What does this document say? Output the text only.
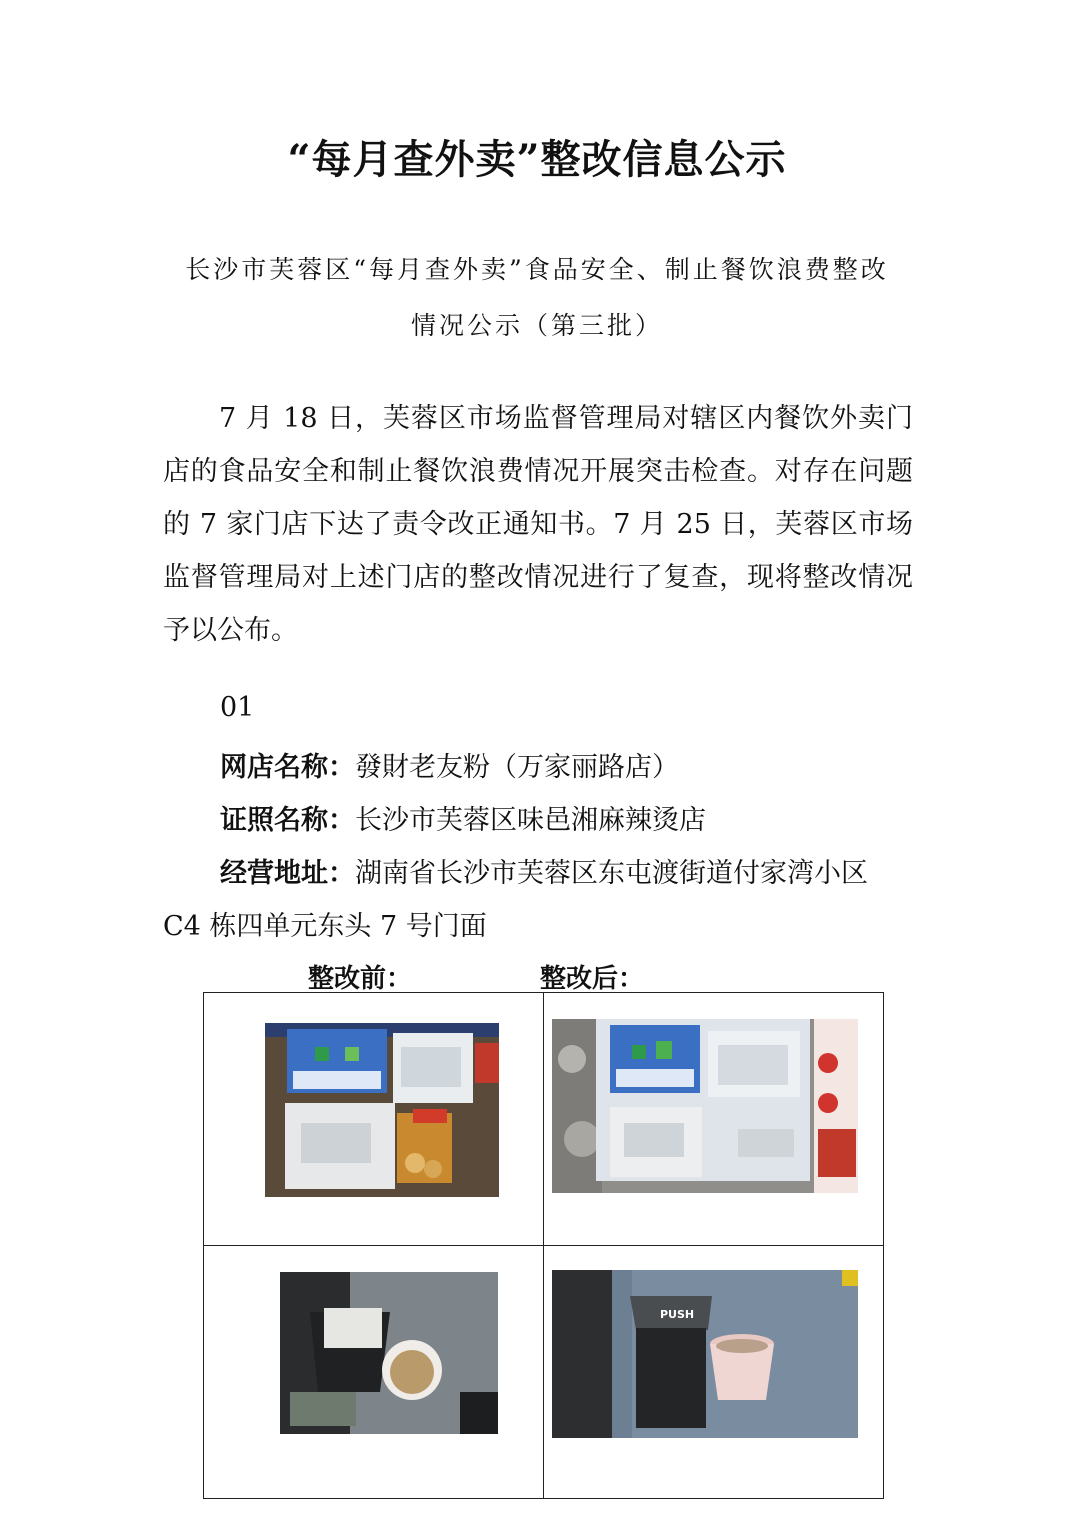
“每月查外卖”整改信息公示

长沙市芙蓉区“每月查外卖”食品安全、制止餐饮浪费整改

情况公示（第三批）

7 月 18 日，芙蓉区市场监督管理局对辖区内餐饮外卖门店的食品安全和制止餐饮浪费情况开展突击检查。对存在问题的 7 家门店下达了责令改正通知书。7 月 25 日，芙蓉区市场监督管理局对上述门店的整改情况进行了复查，现将整改情况予以公布。

01

网店名称：發財老友粉（万家丽路店）

证照名称：长沙市芙蓉区味邑湘麻辣烫店

经营地址：湖南省长沙市芙蓉区东屯渡街道付家湾小区

C4 栋四单元东头 7 号门面

整改前：	整改后：

PUSH
